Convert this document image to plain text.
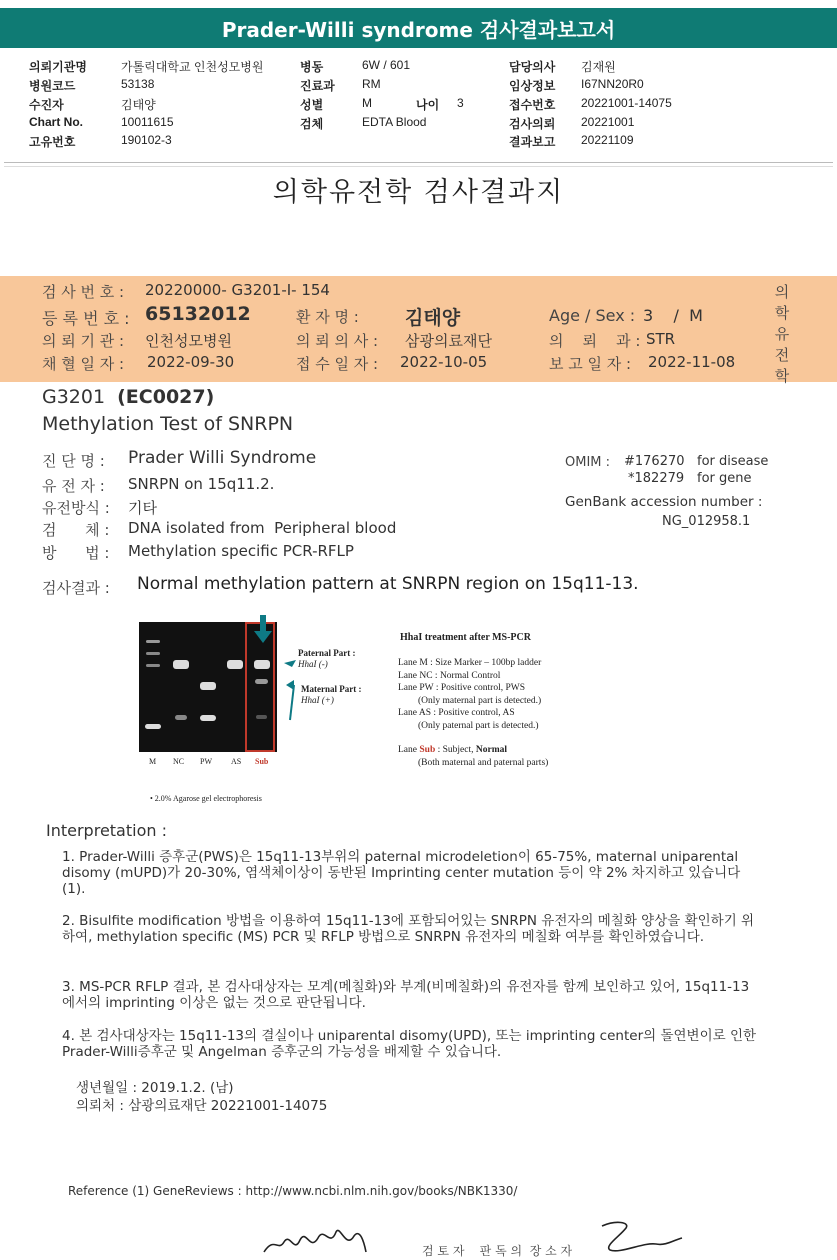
Prader-Willi syndrome 검사결과보고서
의뢰기관명	가톨릭대학교 인천성모병원	병동	6W / 601	담당의사 김재원
병원코드	53138	진료과 RM	임상정보 I67NN20R0
수진자	김태양	성별	M	나이 3	접수번호 20221001-14075
Chart No.	10011615	검체	EDTA Blood	검사의뢰 20221001
고유번호	190102-3	결과보고 20221109
의학유전학 검사결과지
검 사 번 호 : 20220000- G3201-I- 154
등 록 번 호 : 65132012	환 자 명 : 김태양	Age / Sex : 3    /  M
의 뢰 기 관 : 인천성모병원	의 뢰 의 사 : 삼광의료재단	의    뢰    과 : STR
채 혈 일 자 : 2022-09-30	접 수 일 자 : 2022-10-05	보 고 일 자 : 2022-11-08
의
학
유
전
학
G3201 (EC0027)
Methylation Test of SNRPN
진 단 명 : Prader Willi Syndrome
유 전 자 : SNRPN on 15q11.2.
유전방식 : 기타
검      체 : DNA isolated from  Peripheral blood
방      법 : Methylation specific PCR-RFLP
OMIM : #176270 for disease
*182279 for gene
GenBank accession number :
NG_012958.1
검사결과 : Normal methylation pattern at SNRPN region on 15q11-13.
M NC PW AS Sub
Paternal Part :
HhaI (-)
Maternal Part :
HhaI (+)
• 2.0% Agarose gel electrophoresis
HhaI treatment after MS-PCR
Lane M : Size Marker – 100bp ladder
Lane NC : Normal Control
Lane PW : Positive control, PWS
(Only maternal part is detected.)
Lane AS : Positive control, AS
(Only paternal part is detected.)
Lane Sub : Subject, Normal
(Both maternal and paternal parts)
Interpretation :
1. Prader-Willi 증후군(PWS)은 15q11-13부위의 paternal microdeletion이 65-75%, maternal uniparental disomy (mUPD)가 20-30%, 염색체이상이 동반된 Imprinting center mutation 등이 약 2% 차지하고 있습니다 (1).
2. Bisulfite modification 방법을 이용하여 15q11-13에 포함되어있는 SNRPN 유전자의 메칠화 양상을 확인하기 위하여, methylation specific (MS) PCR 및 RFLP 방법으로 SNRPN 유전자의 메칠화 여부를 확인하였습니다.
3. MS-PCR RFLP 결과, 본 검사대상자는 모계(메칠화)와 부계(비메칠화)의 유전자를 함께 보인하고 있어, 15q11-13에서의 imprinting 이상은 없는 것으로 판단됩니다.
4. 본 검사대상자는 15q11-13의 결실이나 uniparental disomy(UPD), 또는 imprinting center의 돌연변이로 인한 Prader-Willi증후군 및 Angelman 증후군의 가능성을 배제할 수 있습니다.
생년월일 : 2019.1.2. (남)
의뢰처 : 삼광의료재단 20221001-14075
Reference (1) GeneReviews : http://www.ncbi.nlm.nih.gov/books/NBK1330/
검 토 자    판 독 의  장 소 자
